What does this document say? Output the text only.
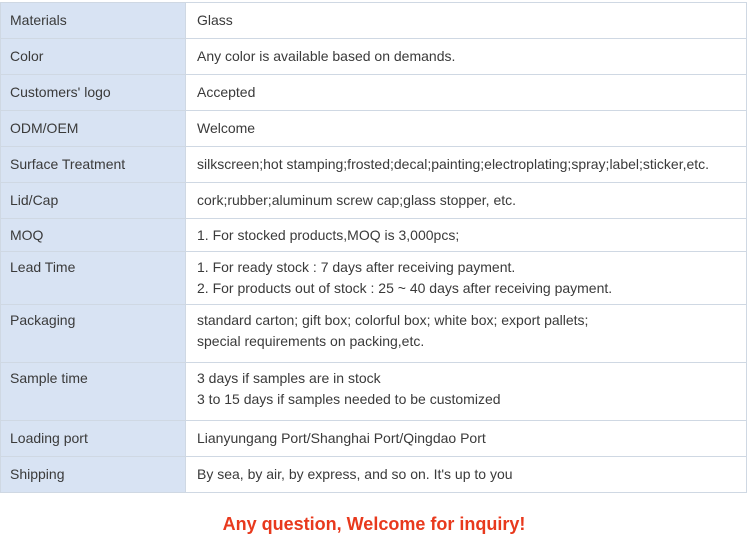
Materials	Glass

Color	Any color is available based on demands.

Customers' logo	Accepted

ODM/OEM	Welcome

Surface Treatment	silkscreen;hot stamping;frosted;decal;painting;electroplating;spray;label;sticker,etc.

Lid/Cap	cork;rubber;aluminum screw cap;glass stopper, etc.

MOQ	1. For stocked products,MOQ is 3,000pcs;

Lead Time	1. For ready stock : 7 days after receiving payment.
2. For products out of stock : 25 ~ 40 days after receiving payment.

Packaging	standard carton; gift box; colorful box; white box; export pallets;
special requirements on packing,etc.

Sample time	3 days if samples are in stock
3 to 15 days if samples needed to be customized

Loading port	Lianyungang Port/Shanghai Port/Qingdao Port

Shipping	By sea, by air, by express, and so on. It's up to you
Any question, Welcome for inquiry!
